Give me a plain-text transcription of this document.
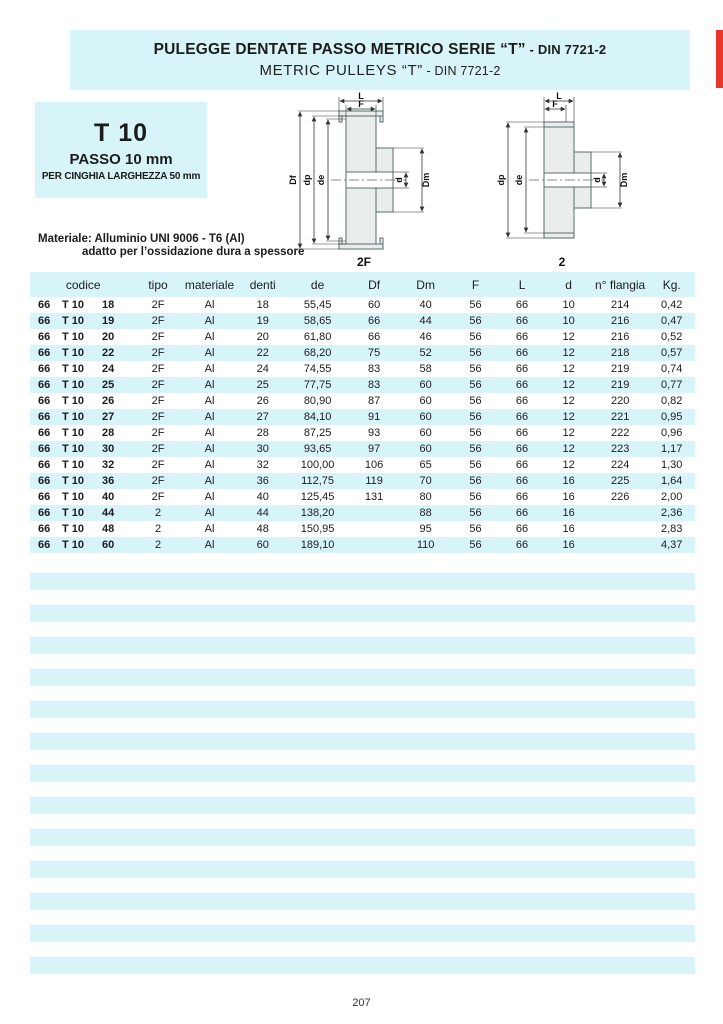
PULEGGE DENTATE PASSO METRICO SERIE “T” - DIN 7721-2
METRIC PULLEYS “T” - DIN 7721-2
T 10
PASSO 10 mm
PER CINGHIA LARGHEZZA 50 mm
Materiale: Alluminio UNI 9006 - T6 (Al)
adatto per l’ossidazione dura a spessore
Df dp de	d Dm
L
F
2F
dp de	d Dm
L
F
2
codice	tipo	materiale	denti	de	Df	Dm	F	L	d	n° flangia	Kg.
66 T 10 18	2F	Al	18	55,45	60	40	56	66	10	214	0,42
66 T 10 19	2F	Al	19	58,65	66	44	56	66	10	216	0,47
66 T 10 20	2F	Al	20	61,80	66	46	56	66	12	216	0,52
66 T 10 22	2F	Al	22	68,20	75	52	56	66	12	218	0,57
66 T 10 24	2F	Al	24	74,55	83	58	56	66	12	219	0,74
66 T 10 25	2F	Al	25	77,75	83	60	56	66	12	219	0,77
66 T 10 26	2F	Al	26	80,90	87	60	56	66	12	220	0,82
66 T 10 27	2F	Al	27	84,10	91	60	56	66	12	221	0,95
66 T 10 28	2F	Al	28	87,25	93	60	56	66	12	222	0,96
66 T 10 30	2F	Al	30	93,65	97	60	56	66	12	223	1,17
66 T 10 32	2F	Al	32	100,00	106	65	56	66	12	224	1,30
66 T 10 36	2F	Al	36	112,75	119	70	56	66	16	225	1,64
66 T 10 40	2F	Al	40	125,45	131	80	56	66	16	226	2,00
66 T 10 44	2	Al	44	138,20		88	56	66	16		2,36
66 T 10 48	2	Al	48	150,95		95	56	66	16		2,83
66 T 10 60	2	Al	60	189,10		110	56	66	16		4,37
207
